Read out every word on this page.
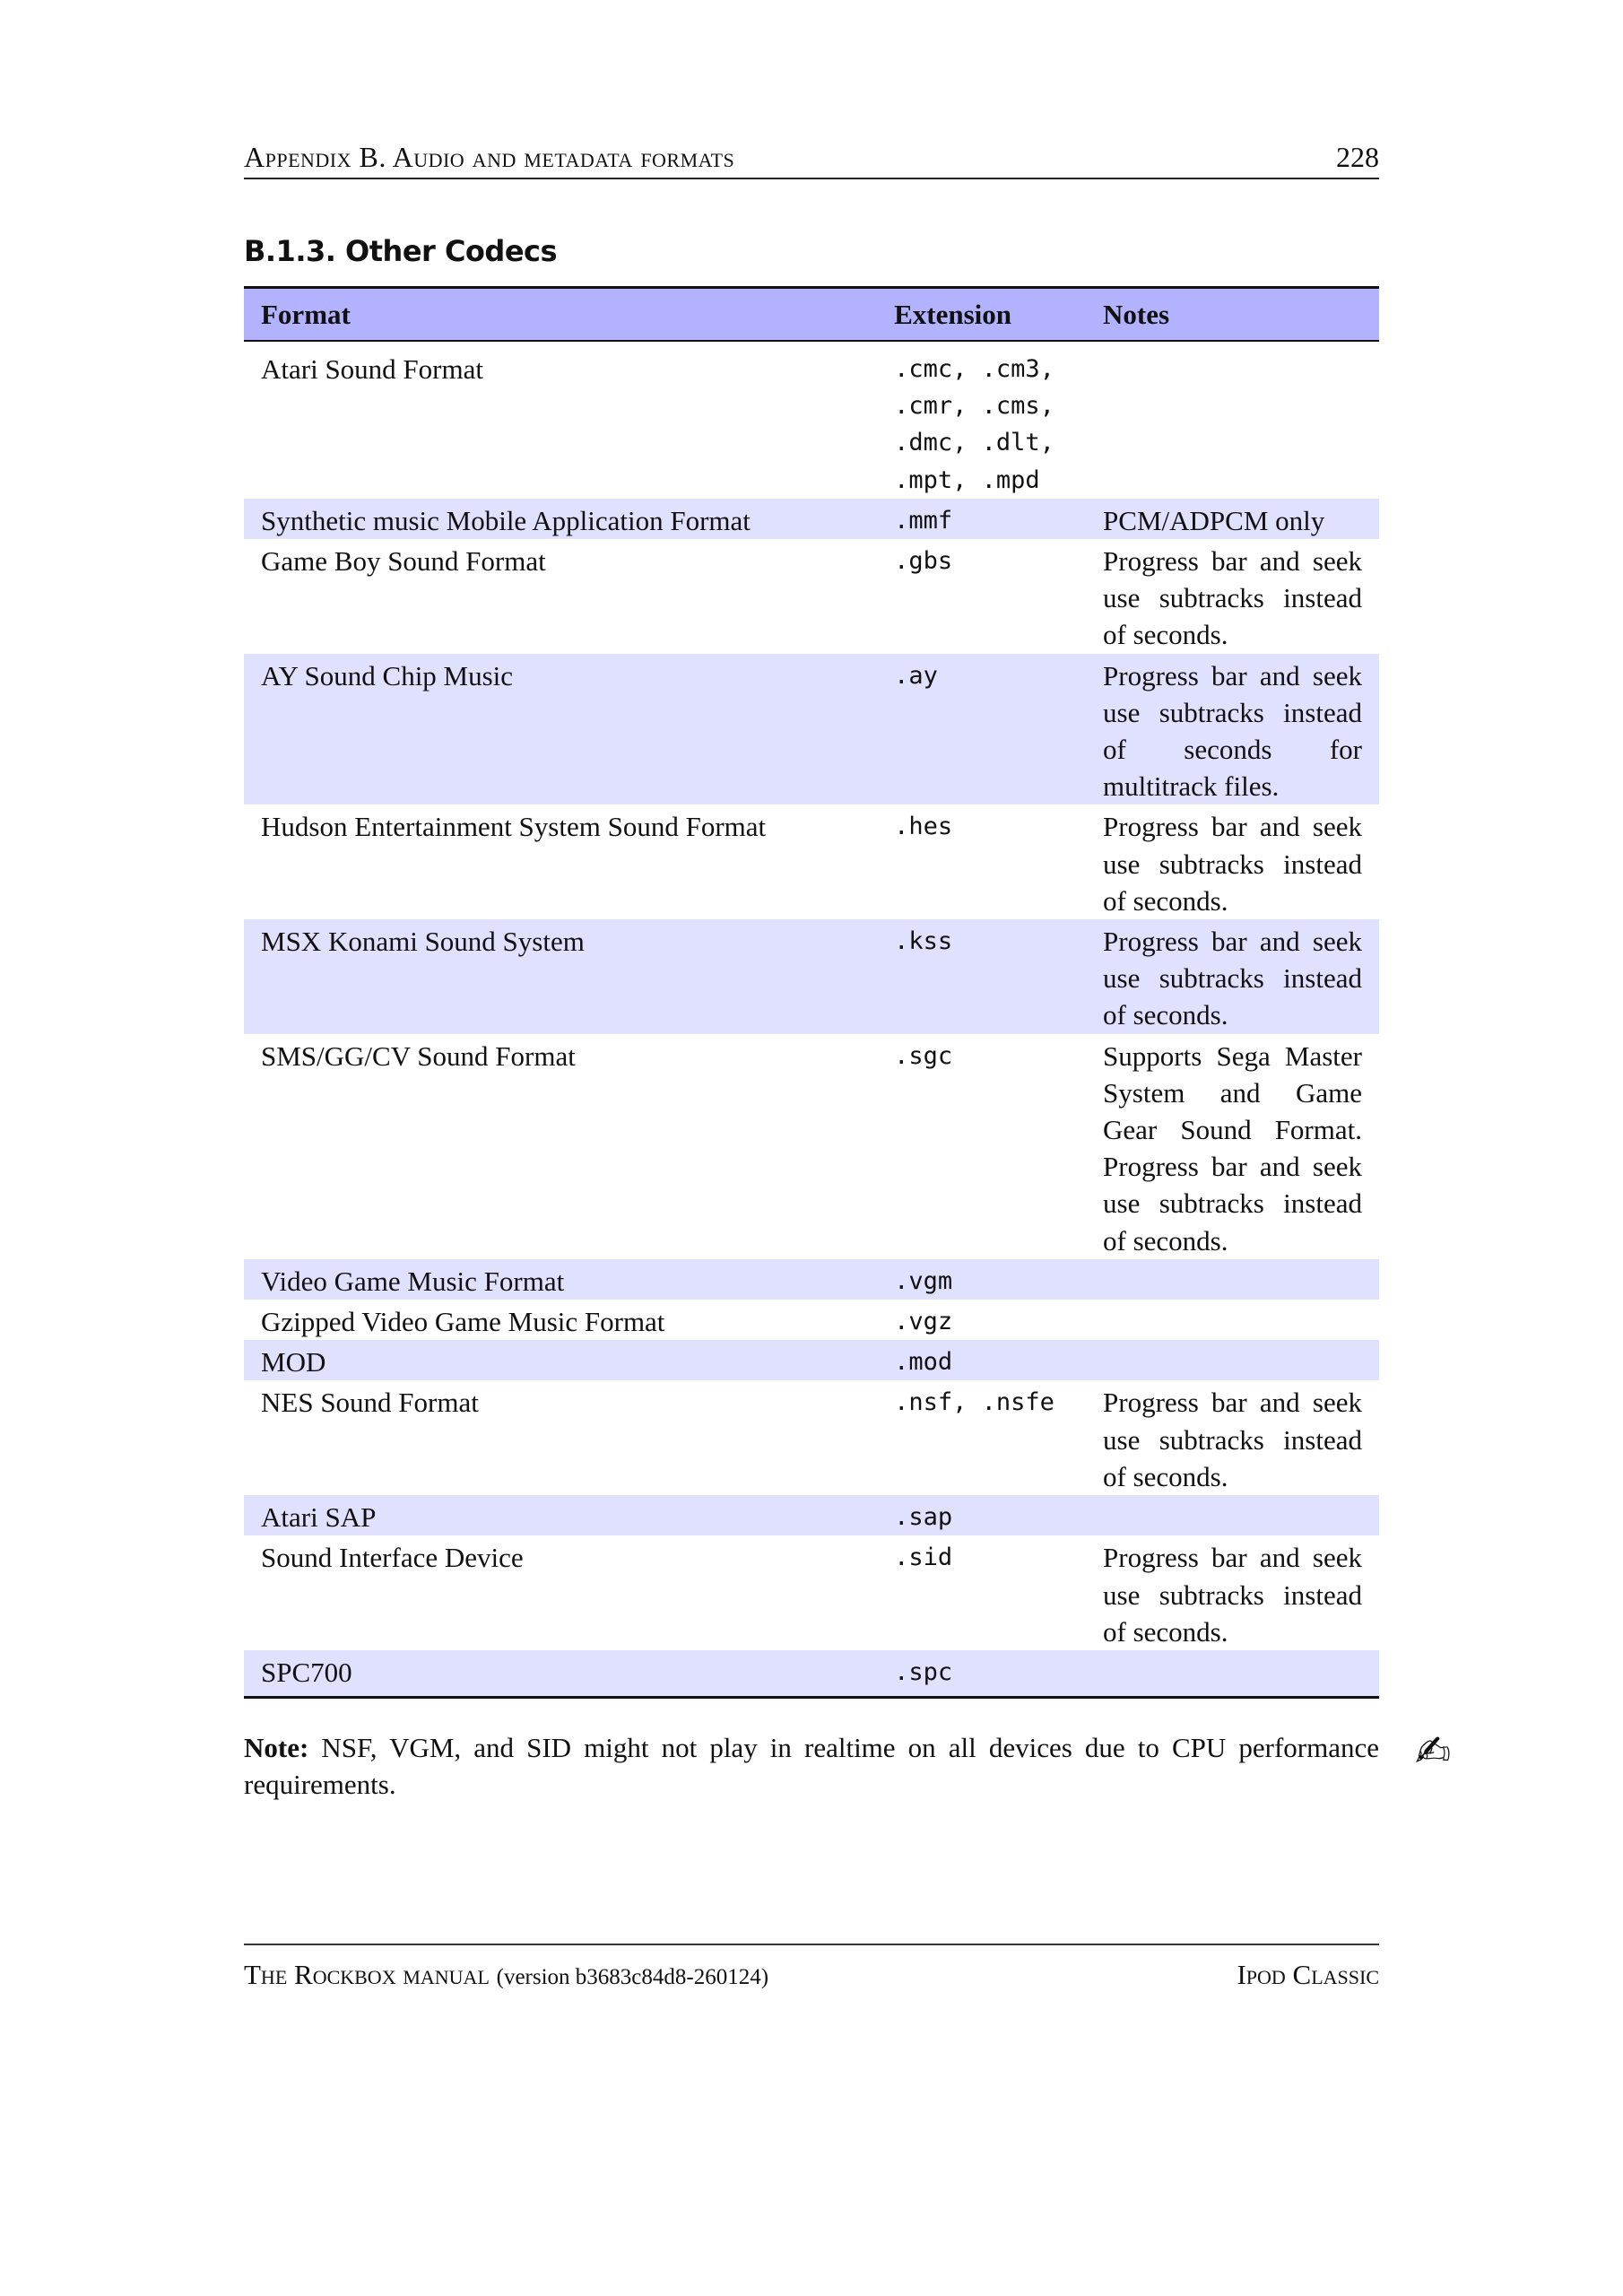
Appendix B. Audio and metadata formats	228
B.1.3. Other Codecs
Format	Extension	Notes
Atari Sound Format	.cmc, .cm3,
.cmr, .cms,
.dmc, .dlt,
.mpt, .mpd	

Synthetic music Mobile Application Format	.mmf	PCM/ADPCM only
Game Boy Sound Format	.gbs	Progress bar and seek use subtracks instead of seconds.
AY Sound Chip Music	.ay	Progress bar and seek use subtracks instead of seconds for multitrack files.
Hudson Entertainment System Sound Format	.hes	Progress bar and seek use subtracks instead of seconds.
MSX Konami Sound System	.kss	Progress bar and seek use subtracks instead of seconds.
SMS/GG/CV Sound Format	.sgc	Supports Sega Master System and Game Gear Sound Format. Progress bar and seek use subtracks instead of seconds.
Video Game Music Format	.vgm	

Gzipped Video Game Music Format	.vgz	

MOD	.mod	

NES Sound Format	.nsf, .nsfe	Progress bar and seek use subtracks instead of seconds.
Atari SAP	.sap	

Sound Interface Device	.sid	Progress bar and seek use subtracks instead of seconds.
SPC700	.spc	

Note: NSF, VGM, and SID might not play in realtime on all devices due to CPU performance requirements.

✍
The Rockbox manual (version b3683c84d8-260124)	Ipod Classic
